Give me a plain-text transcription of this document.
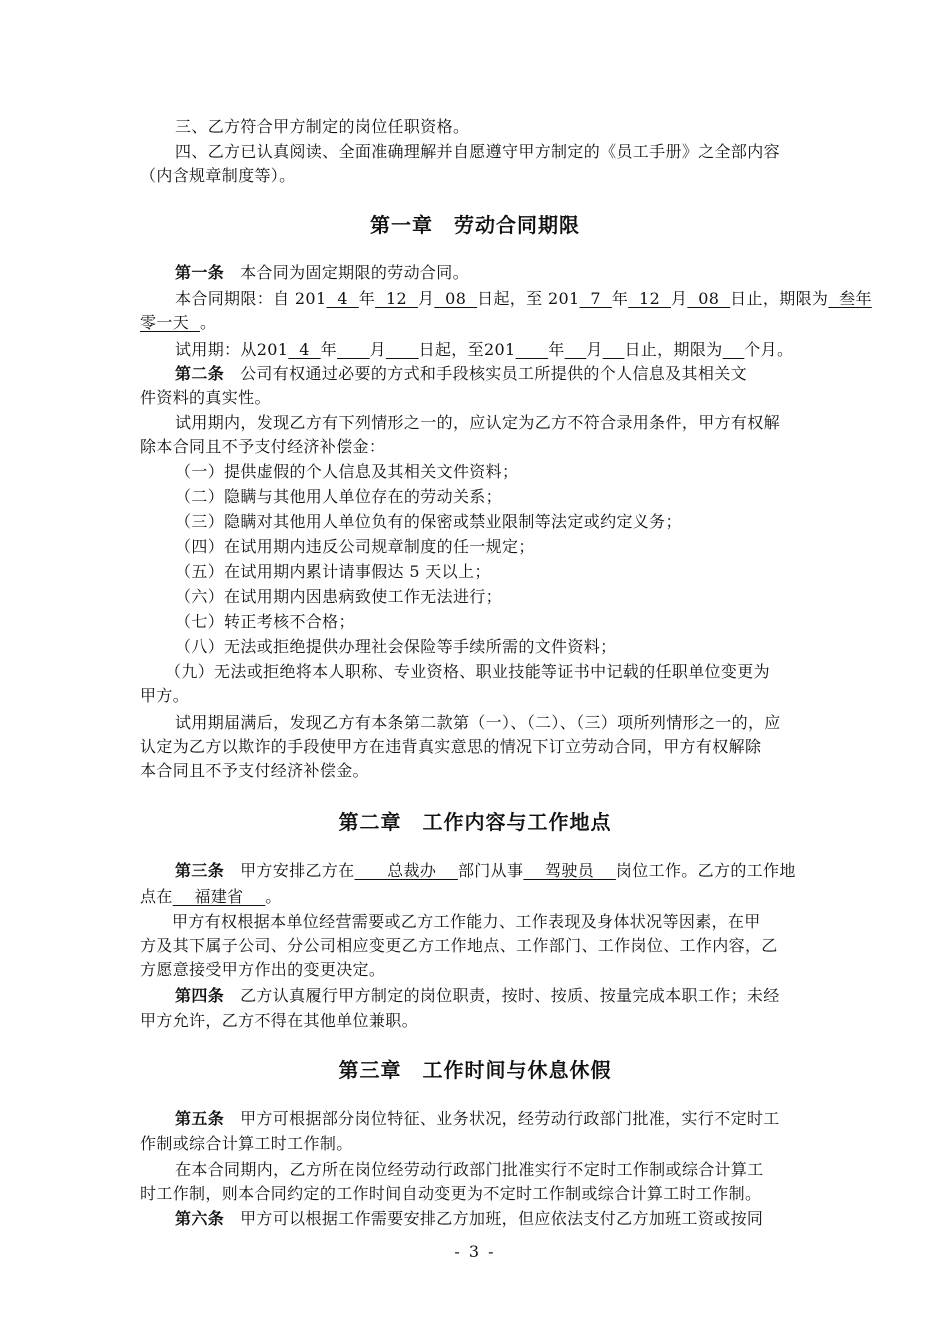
三、乙方符合甲方制定的岗位任职资格。
四、乙方已认真阅读、全面准确理解并自愿遵守甲方制定的《员工手册》之全部内容
（内含规章制度等）。
第一章　劳动合同期限
第一条 本合同为固定期限的劳动合同。
本合同期限：自 201  4  年  12  月  08  日起，至 201  7  年  12  月  08  日止，期限为  叁年
零一天  。
试用期：从201  4  年 月 日起，至201 年 月 日止，期限为 个月。
第二条 公司有权通过必要的方式和手段核实员工所提供的个人信息及其相关文
件资料的真实性。
试用期内，发现乙方有下列情形之一的，应认定为乙方不符合录用条件，甲方有权解
除本合同且不予支付经济补偿金：
（一）提供虚假的个人信息及其相关文件资料；
（二）隐瞒与其他用人单位存在的劳动关系；
（三）隐瞒对其他用人单位负有的保密或禁业限制等法定或约定义务；
（四）在试用期内违反公司规章制度的任一规定；
（五）在试用期内累计请事假达 5 天以上；
（六）在试用期内因患病致使工作无法进行；
（七）转正考核不合格；
（八）无法或拒绝提供办理社会保险等手续所需的文件资料；
（九）无法或拒绝将本人职称、专业资格、职业技能等证书中记载的任职单位变更为
甲方。
试用期届满后，发现乙方有本条第二款第（一）、（二）、（三）项所列情形之一的，应
认定为乙方以欺诈的手段使甲方在违背真实意思的情况下订立劳动合同，甲方有权解除
本合同且不予支付经济补偿金。
第二章　工作内容与工作地点
第三条 甲方安排乙方在      总裁办    部门从事    驾驶员    岗位工作。乙方的工作地
点在    福建省    。
甲方有权根据本单位经营需要或乙方工作能力、工作表现及身体状况等因素，在甲
方及其下属子公司、分公司相应变更乙方工作地点、工作部门、工作岗位、工作内容，乙
方愿意接受甲方作出的变更决定。
第四条 乙方认真履行甲方制定的岗位职责，按时、按质、按量完成本职工作；未经
甲方允许，乙方不得在其他单位兼职。
第三章　工作时间与休息休假
第五条 甲方可根据部分岗位特征、业务状况，经劳动行政部门批准，实行不定时工
作制或综合计算工时工作制。
在本合同期内，乙方所在岗位经劳动行政部门批准实行不定时工作制或综合计算工
时工作制，则本合同约定的工作时间自动变更为不定时工作制或综合计算工时工作制。
第六条 甲方可以根据工作需要安排乙方加班，但应依法支付乙方加班工资或按同
- 3 -
